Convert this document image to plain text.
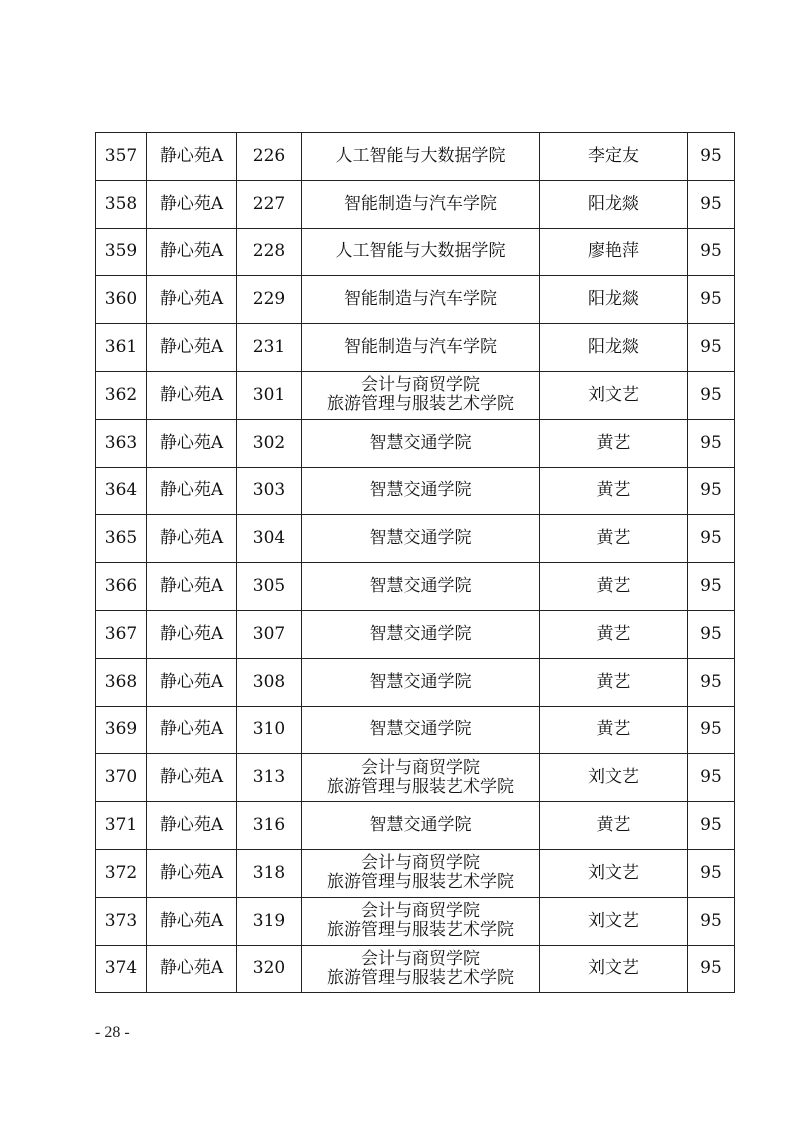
357	静心苑A	226	人工智能与大数据学院	李定友	95
358	静心苑A	227	智能制造与汽车学院	阳龙燚	95
359	静心苑A	228	人工智能与大数据学院	廖艳萍	95
360	静心苑A	229	智能制造与汽车学院	阳龙燚	95
361	静心苑A	231	智能制造与汽车学院	阳龙燚	95
362	静心苑A	301	会计与商贸学院
旅游管理与服装艺术学院	刘文艺	95
363	静心苑A	302	智慧交通学院	黄艺	95
364	静心苑A	303	智慧交通学院	黄艺	95
365	静心苑A	304	智慧交通学院	黄艺	95
366	静心苑A	305	智慧交通学院	黄艺	95
367	静心苑A	307	智慧交通学院	黄艺	95
368	静心苑A	308	智慧交通学院	黄艺	95
369	静心苑A	310	智慧交通学院	黄艺	95
370	静心苑A	313	会计与商贸学院
旅游管理与服装艺术学院	刘文艺	95
371	静心苑A	316	智慧交通学院	黄艺	95
372	静心苑A	318	会计与商贸学院
旅游管理与服装艺术学院	刘文艺	95
373	静心苑A	319	会计与商贸学院
旅游管理与服装艺术学院	刘文艺	95
374	静心苑A	320	会计与商贸学院
旅游管理与服装艺术学院	刘文艺	95
- 28 -
